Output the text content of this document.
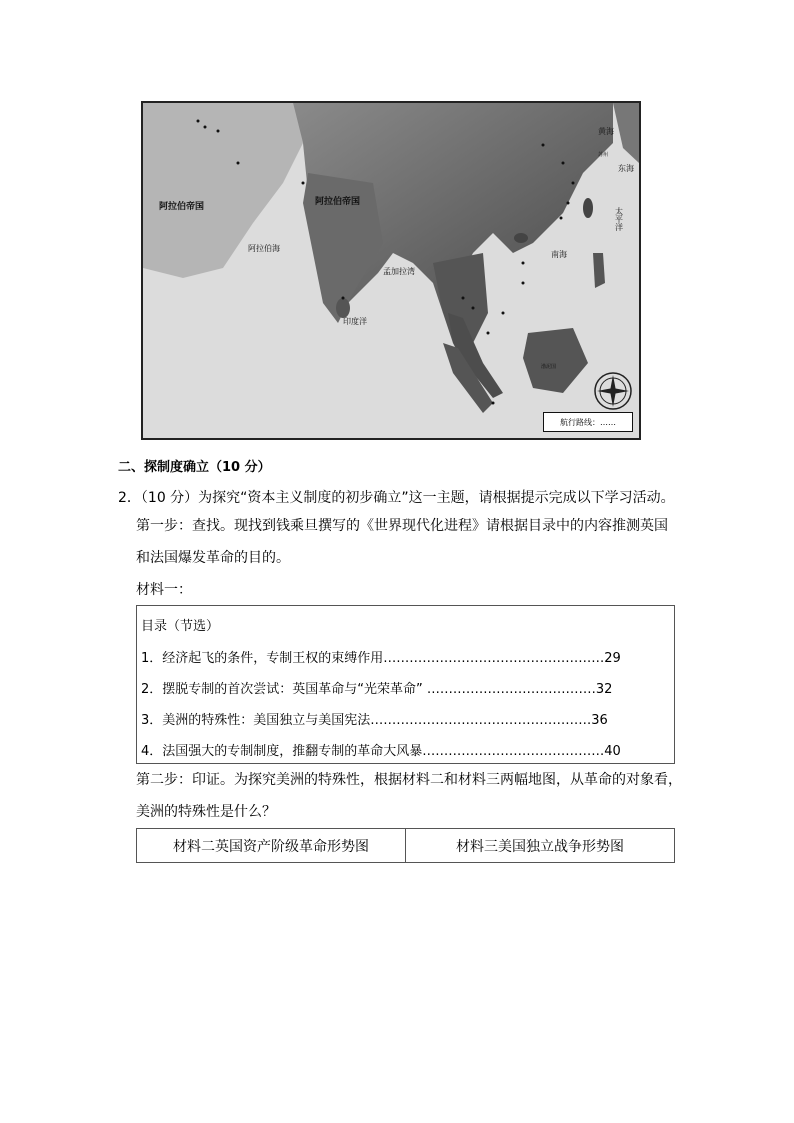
阿拉伯帝国	阿拉伯帝国
阿拉伯海
孟加拉湾
印度洋
黄海
东海
南海
太平洋
渤泥国
苏州
航行路线：……
二、探制度确立（10 分）
2．（10 分）为探究“资本主义制度的初步确立”这一主题，请根据提示完成以下学习活动。
第一步：查找。现找到钱乘旦撰写的《世界现代化进程》请根据目录中的内容推测英国
和法国爆发革命的目的。
材料一：
目录（节选）
1．经济起飞的条件，专制王权的束缚作用……………………………………………29
2．摆脱专制的首次尝试：英国革命与“光荣革命” …………………………………32
3．美洲的特殊性：美国独立与美国宪法……………………………………………36
4．法国强大的专制制度，推翻专制的革命大风暴……………………………………40
第二步：印证。为探究美洲的特殊性，根据材料二和材料三两幅地图，从革命的对象看，
美洲的特殊性是什么？
材料二英国资产阶级革命形势图	材料三美国独立战争形势图
